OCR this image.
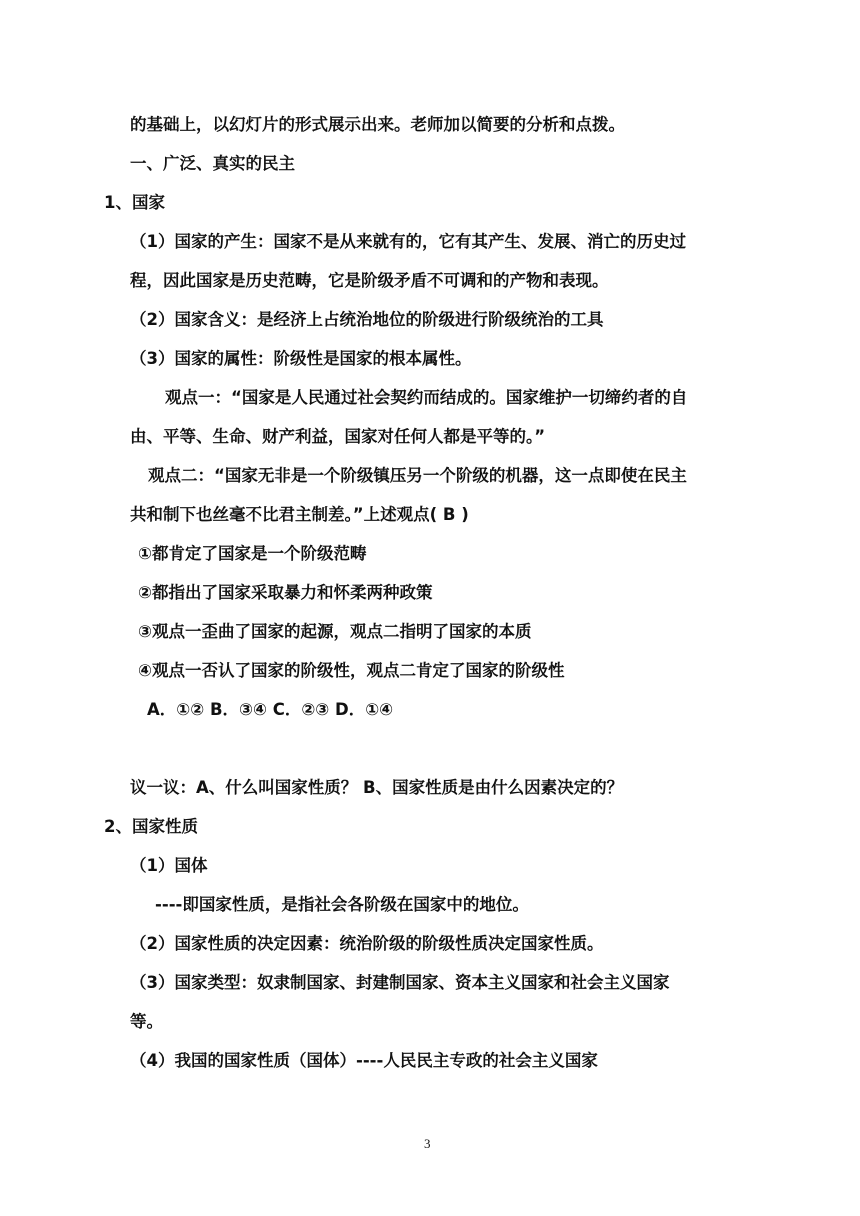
的基础上，以幻灯片的形式展示出来。老师加以简要的分析和点拨。
一、广泛、真实的民主
1、国家
（1）国家的产生：国家不是从来就有的，它有其产生、发展、消亡的历史过
程，因此国家是历史范畴，它是阶级矛盾不可调和的产物和表现。
（2）国家含义：是经济上占统治地位的阶级进行阶级统治的工具
（3）国家的属性：阶级性是国家的根本属性。
观点一：“国家是人民通过社会契约而结成的。国家维护一切缔约者的自
由、平等、生命、财产利益，国家对任何人都是平等的。”
观点二：“国家无非是一个阶级镇压另一个阶级的机器，这一点即使在民主
共和制下也丝毫不比君主制差。”上述观点( B )
①都肯定了国家是一个阶级范畴
②都指出了国家采取暴力和怀柔两种政策
③观点一歪曲了国家的起源，观点二指明了国家的本质
④观点一否认了国家的阶级性，观点二肯定了国家的阶级性
A．①② B．③④ C．②③ D．①④
议一议：A、什么叫国家性质？ B、国家性质是由什么因素决定的？
2、国家性质
（1）国体
----即国家性质，是指社会各阶级在国家中的地位。
（2）国家性质的决定因素：统治阶级的阶级性质决定国家性质。
（3）国家类型：奴隶制国家、封建制国家、资本主义国家和社会主义国家
等。
（4）我国的国家性质（国体）----人民民主专政的社会主义国家
3
